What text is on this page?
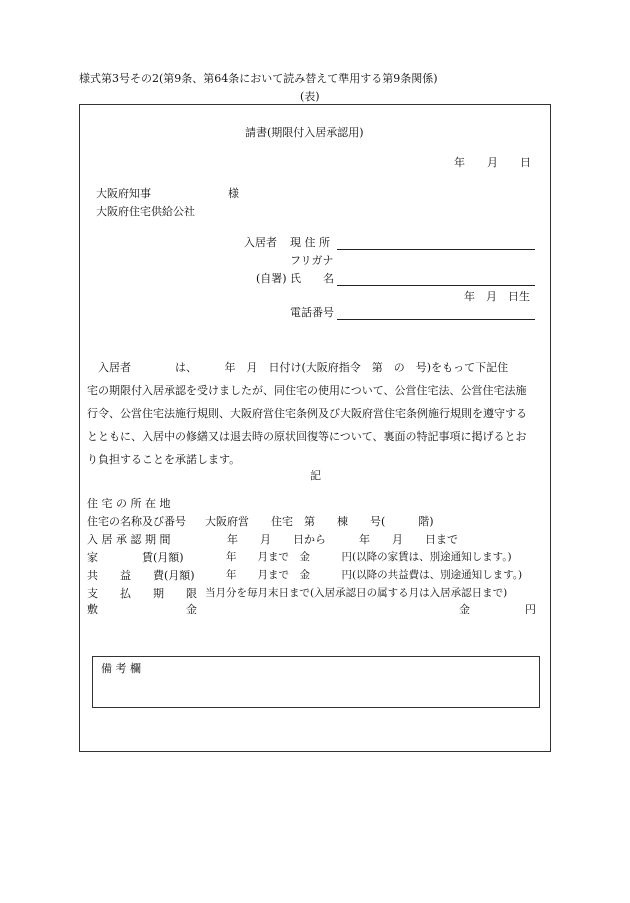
様式第3号その2(第9条、第64条において読み替えて準用する第9条関係)
(表)
請書(期限付入居承認用)
年　　月　　日
大阪府知事	様
大阪府住宅供給公社
入居者 現 住 所
フリガナ
(自署) 氏　　名
年　月　日生
電話番号
　入居者　　　　は、　　　年　月　日付け(大阪府指令　第　の　号)をもって下記住
宅の期限付入居承認を受けましたが、同住宅の使用について、公営住宅法、公営住宅法施
行令、公営住宅法施行規則、大阪府営住宅条例及び大阪府営住宅条例施行規則を遵守する
とともに、入居中の修繕又は退去時の原状回復等について、裏面の特記事項に掲げるとお
り負担することを承諾します。
記
住 宅 の 所 在 地
住宅の名称及び番号 大阪府営　　住宅　第　　棟　　号(　　　階)
入 居 承 認 期 間	　　年　　月　　日から　　　年　　月　　日まで
家　　　　賃(月額) 　　年　　月まで　金　　　円(以降の家賃は、別途通知します。)
共　　益　　費(月額) 　　年　　月まで　金　　　円(以降の共益費は、別途通知します。)
支　　払　　期　　限 当月分を毎月末日まで(入居承認日の属する月は入居承認日まで)
敷　　　　　　　　金	金　　　　　円
備 考 欄
